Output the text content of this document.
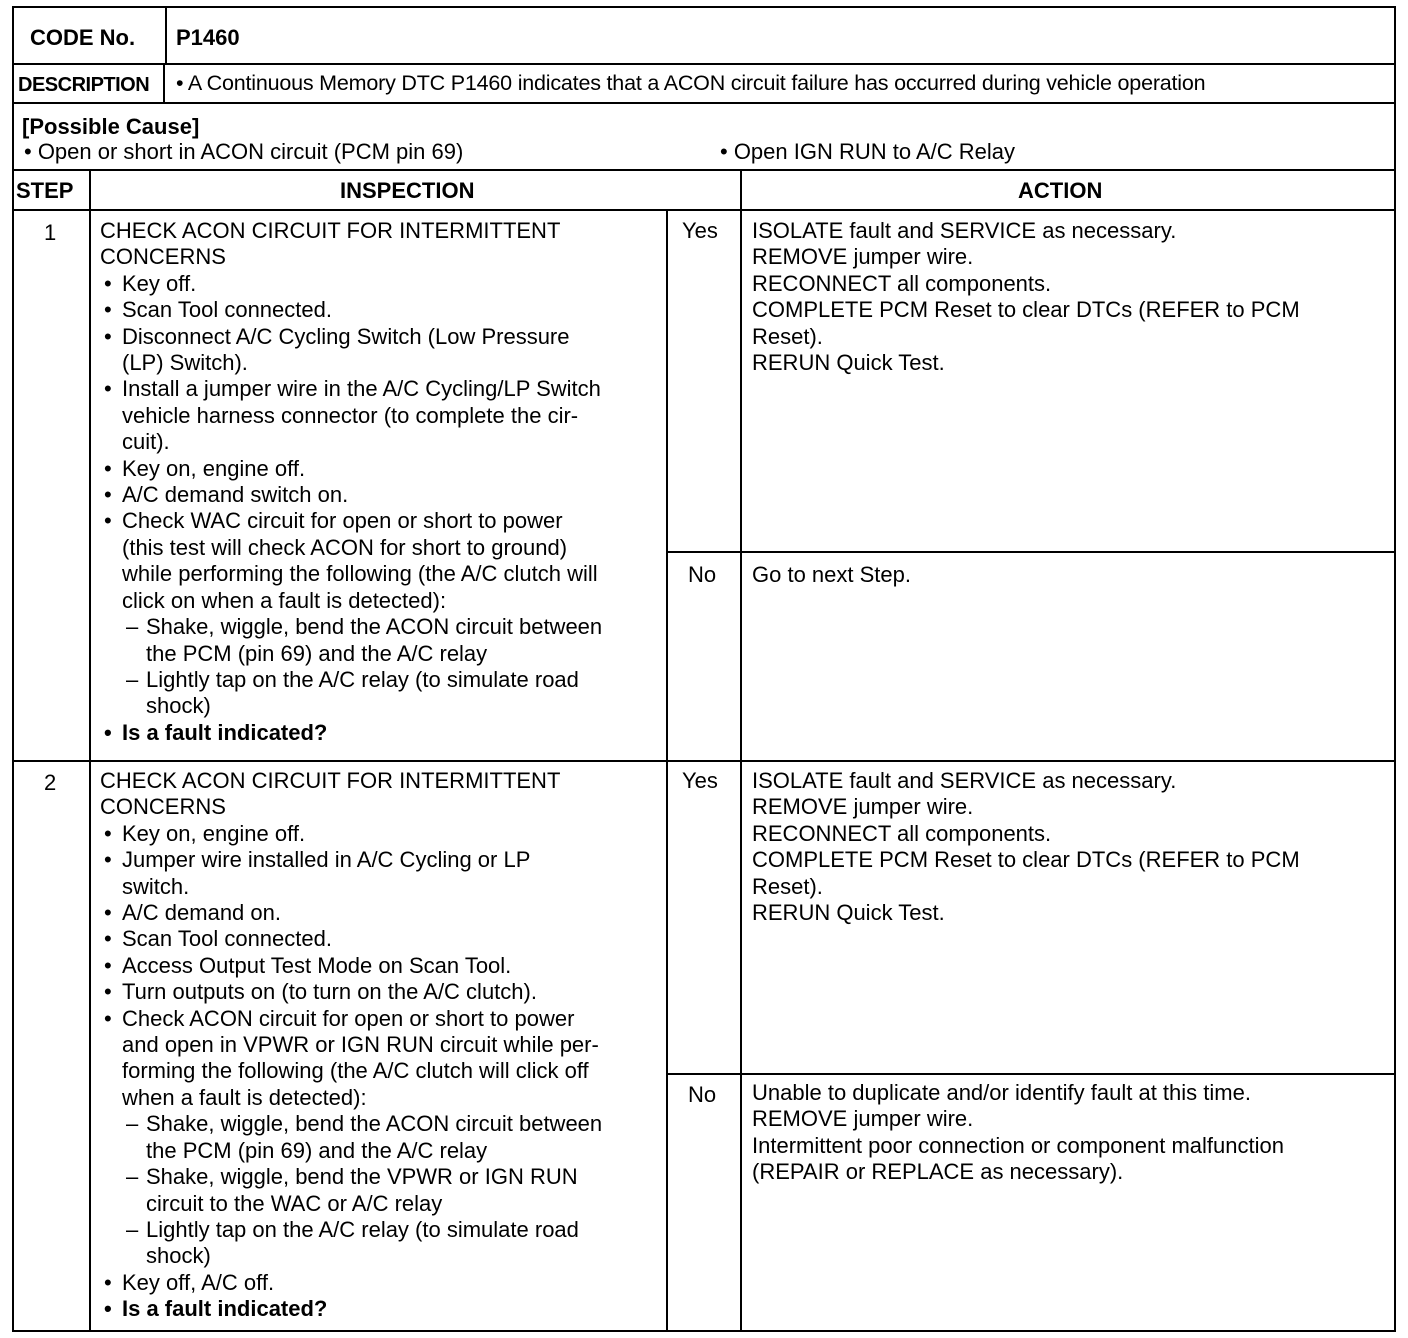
CODE No. P1460
DESCRIPTION • A Continuous Memory DTC P1460 indicates that a ACON circuit failure has occurred during vehicle operation
[Possible Cause]
• Open or short in ACON circuit (PCM pin 69)	• Open IGN RUN to A/C Relay
STEP	INSPECTION	ACTION
1 CHECK ACON CIRCUIT FOR INTERMITTENT
CONCERNS
• Key off.
• Scan Tool connected.
• Disconnect A/C Cycling Switch (Low Pressure
(LP) Switch).
• Install a jumper wire in the A/C Cycling/LP Switch
vehicle harness connector (to complete the cir-
cuit).
• Key on, engine off.
• A/C demand switch on.
• Check WAC circuit for open or short to power
(this test will check ACON for short to ground)
while performing the following (the A/C clutch will
click on when a fault is detected):
– Shake, wiggle, bend the ACON circuit between
the PCM (pin 69) and the A/C relay
– Lightly tap on the A/C relay (to simulate road
shock)
• Is a fault indicated?
Yes ISOLATE fault and SERVICE as necessary.
REMOVE jumper wire.
RECONNECT all components.
COMPLETE PCM Reset to clear DTCs (REFER to PCM
Reset).
RERUN Quick Test.
No Go to next Step.
2 CHECK ACON CIRCUIT FOR INTERMITTENT
CONCERNS
• Key on, engine off.
• Jumper wire installed in A/C Cycling or LP
switch.
• A/C demand on.
• Scan Tool connected.
• Access Output Test Mode on Scan Tool.
• Turn outputs on (to turn on the A/C clutch).
• Check ACON circuit for open or short to power
and open in VPWR or IGN RUN circuit while per-
forming the following (the A/C clutch will click off
when a fault is detected):
– Shake, wiggle, bend the ACON circuit between
the PCM (pin 69) and the A/C relay
– Shake, wiggle, bend the VPWR or IGN RUN
circuit to the WAC or A/C relay
– Lightly tap on the A/C relay (to simulate road
shock)
• Key off, A/C off.
• Is a fault indicated?
Yes ISOLATE fault and SERVICE as necessary.
REMOVE jumper wire.
RECONNECT all components.
COMPLETE PCM Reset to clear DTCs (REFER to PCM
Reset).
RERUN Quick Test.
No Unable to duplicate and/or identify fault at this time.
REMOVE jumper wire.
Intermittent poor connection or component malfunction
(REPAIR or REPLACE as necessary).
